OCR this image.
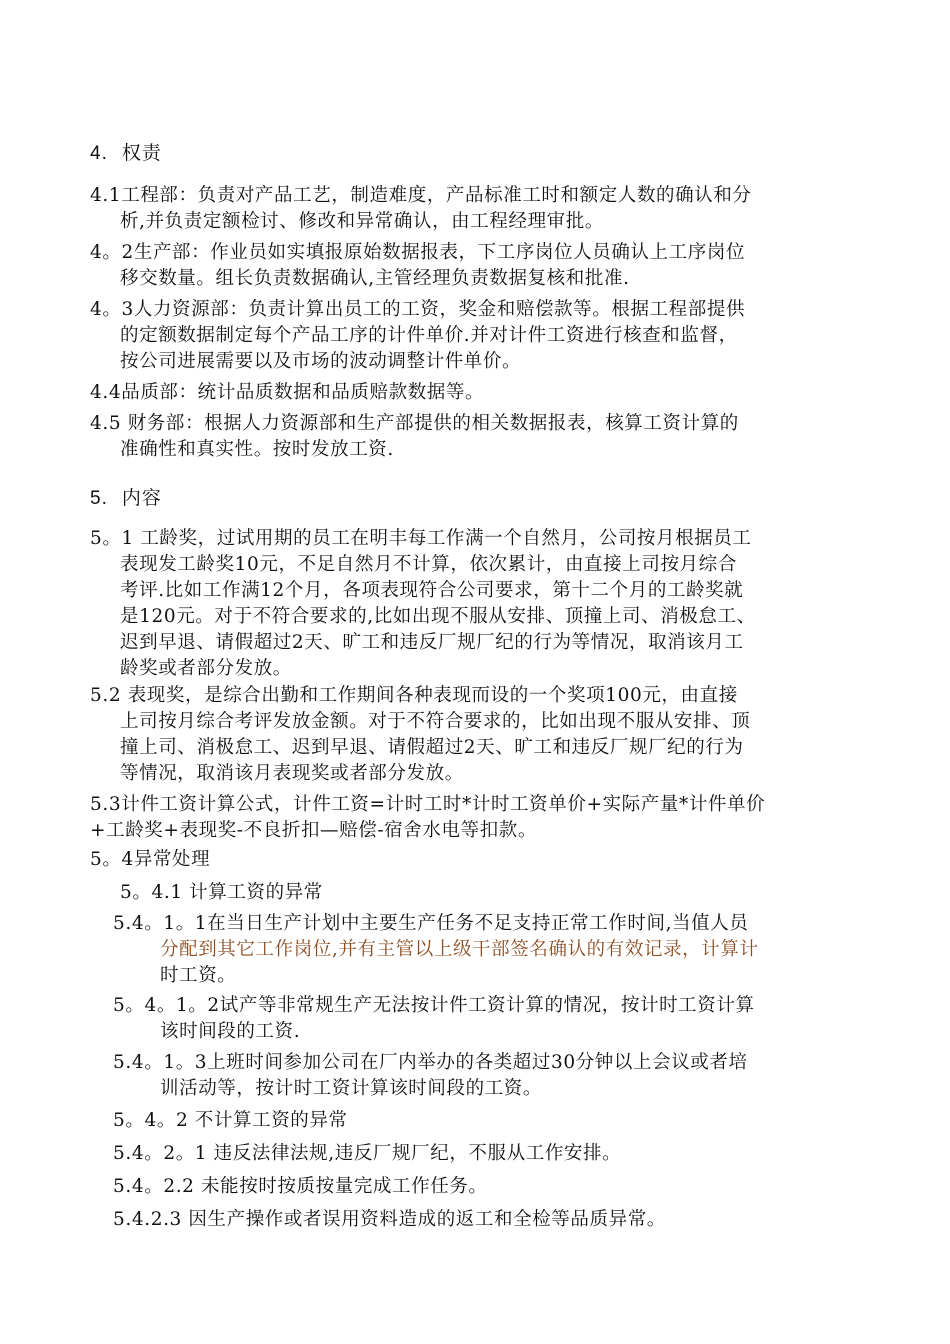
4. 权责
4.1工程部：负责对产品工艺，制造难度，产品标准工时和额定人数的确认和分
析,并负责定额检讨、修改和异常确认，由工程经理审批。
4。2生产部：作业员如实填报原始数据报表，下工序岗位人员确认上工序岗位
移交数量。组长负责数据确认,主管经理负责数据复核和批准.
4。3人力资源部：负责计算出员工的工资，奖金和赔偿款等。根据工程部提供
的定额数据制定每个产品工序的计件单价.并对计件工资进行核查和监督，
按公司进展需要以及市场的波动调整计件单价。
4.4品质部：统计品质数据和品质赔款数据等。
4.5 财务部：根据人力资源部和生产部提供的相关数据报表，核算工资计算的
准确性和真实性。按时发放工资.
5. 内容
5。1 工龄奖，过试用期的员工在明丰每工作满一个自然月，公司按月根据员工
表现发工龄奖10元，不足自然月不计算，依次累计，由直接上司按月综合
考评.比如工作满12个月，各项表现符合公司要求，第十二个月的工龄奖就
是120元。对于不符合要求的,比如出现不服从安排、顶撞上司、消极怠工、
迟到早退、请假超过2天、旷工和违反厂规厂纪的行为等情况，取消该月工
龄奖或者部分发放。
5.2 表现奖，是综合出勤和工作期间各种表现而设的一个奖项100元，由直接
上司按月综合考评发放金额。对于不符合要求的，比如出现不服从安排、顶
撞上司、消极怠工、迟到早退、请假超过2天、旷工和违反厂规厂纪的行为
等情况，取消该月表现奖或者部分发放。
5.3计件工资计算公式，计件工资=计时工时*计时工资单价+实际产量*计件单价
+工龄奖+表现奖-不良折扣—赔偿-宿舍水电等扣款。
5。4异常处理
5。4.1 计算工资的异常
5.4。1。1在当日生产计划中主要生产任务不足支持正常工作时间,当值人员
分配到其它工作岗位,并有主管以上级干部签名确认的有效记录，计算计
时工资。
5。4。1。2试产等非常规生产无法按计件工资计算的情况，按计时工资计算
该时间段的工资.
5.4。1。3上班时间参加公司在厂内举办的各类超过30分钟以上会议或者培
训活动等，按计时工资计算该时间段的工资。
5。4。2 不计算工资的异常
5.4。2。1 违反法律法规,违反厂规厂纪，不服从工作安排。
5.4。2.2 未能按时按质按量完成工作任务。
5.4.2.3 因生产操作或者误用资料造成的返工和全检等品质异常。
